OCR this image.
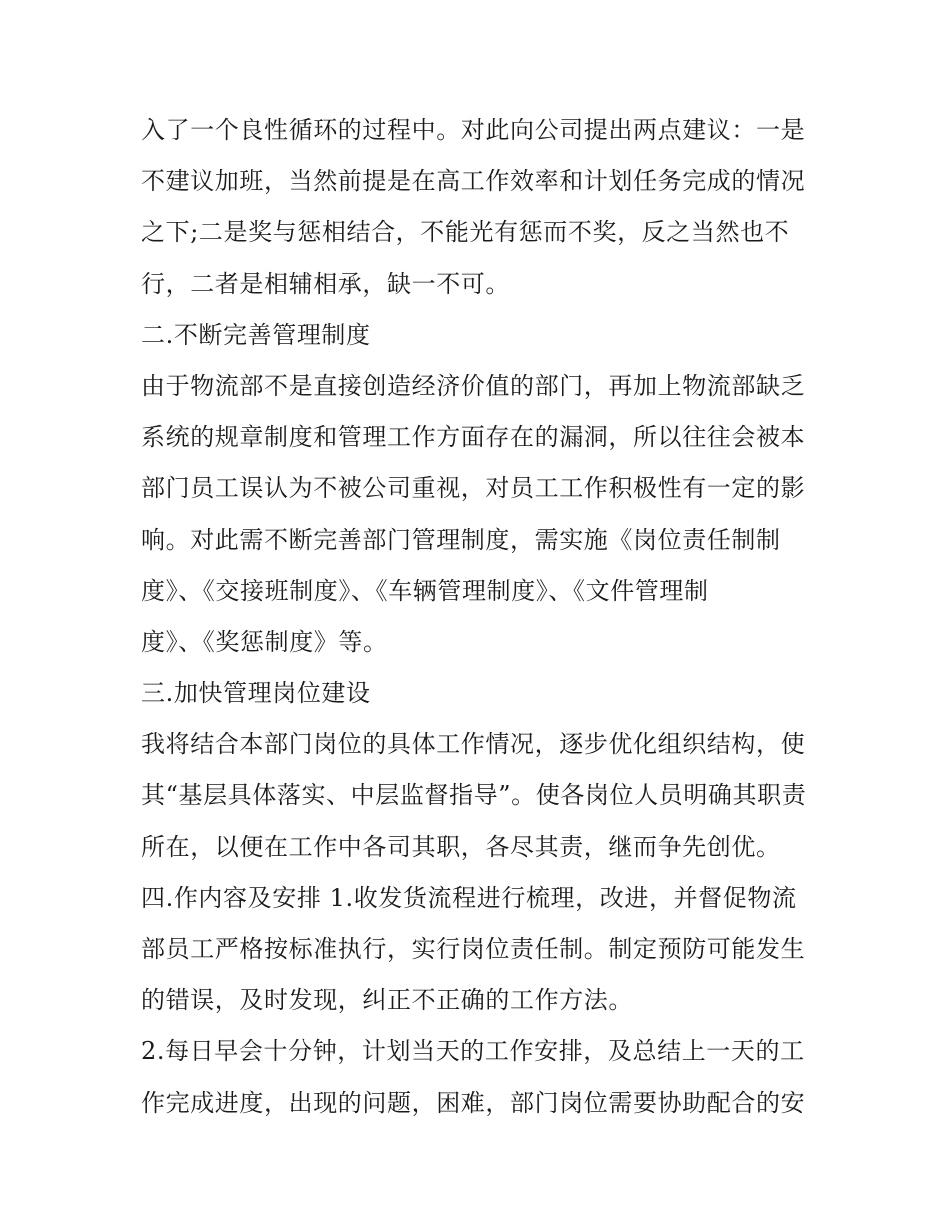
入了一个良性循环的过程中。对此向公司提出两点建议：一是
不建议加班，当然前提是在高工作效率和计划任务完成的情况
之下;二是奖与惩相结合，不能光有惩而不奖，反之当然也不
行，二者是相辅相承，缺一不可。
二.不断完善管理制度
由于物流部不是直接创造经济价值的部门，再加上物流部缺乏
系统的规章制度和管理工作方面存在的漏洞，所以往往会被本
部门员工误认为不被公司重视，对员工工作积极性有一定的影
响。对此需不断完善部门管理制度，需实施《岗位责任制制
度》、《交接班制度》、《车辆管理制度》、《文件管理制
度》、《奖惩制度》等。
三.加快管理岗位建设
我将结合本部门岗位的具体工作情况，逐步优化组织结构，使
其“基层具体落实、中层监督指导”。使各岗位人员明确其职责
所在，以便在工作中各司其职，各尽其责，继而争先创优。
四.作内容及安排 1.收发货流程进行梳理，改进，并督促物流
部员工严格按标准执行，实行岗位责任制。制定预防可能发生
的错误，及时发现，纠正不正确的工作方法。
2.每日早会十分钟，计划当天的工作安排，及总结上一天的工
作完成进度，出现的问题，困难，部门岗位需要协助配合的安
